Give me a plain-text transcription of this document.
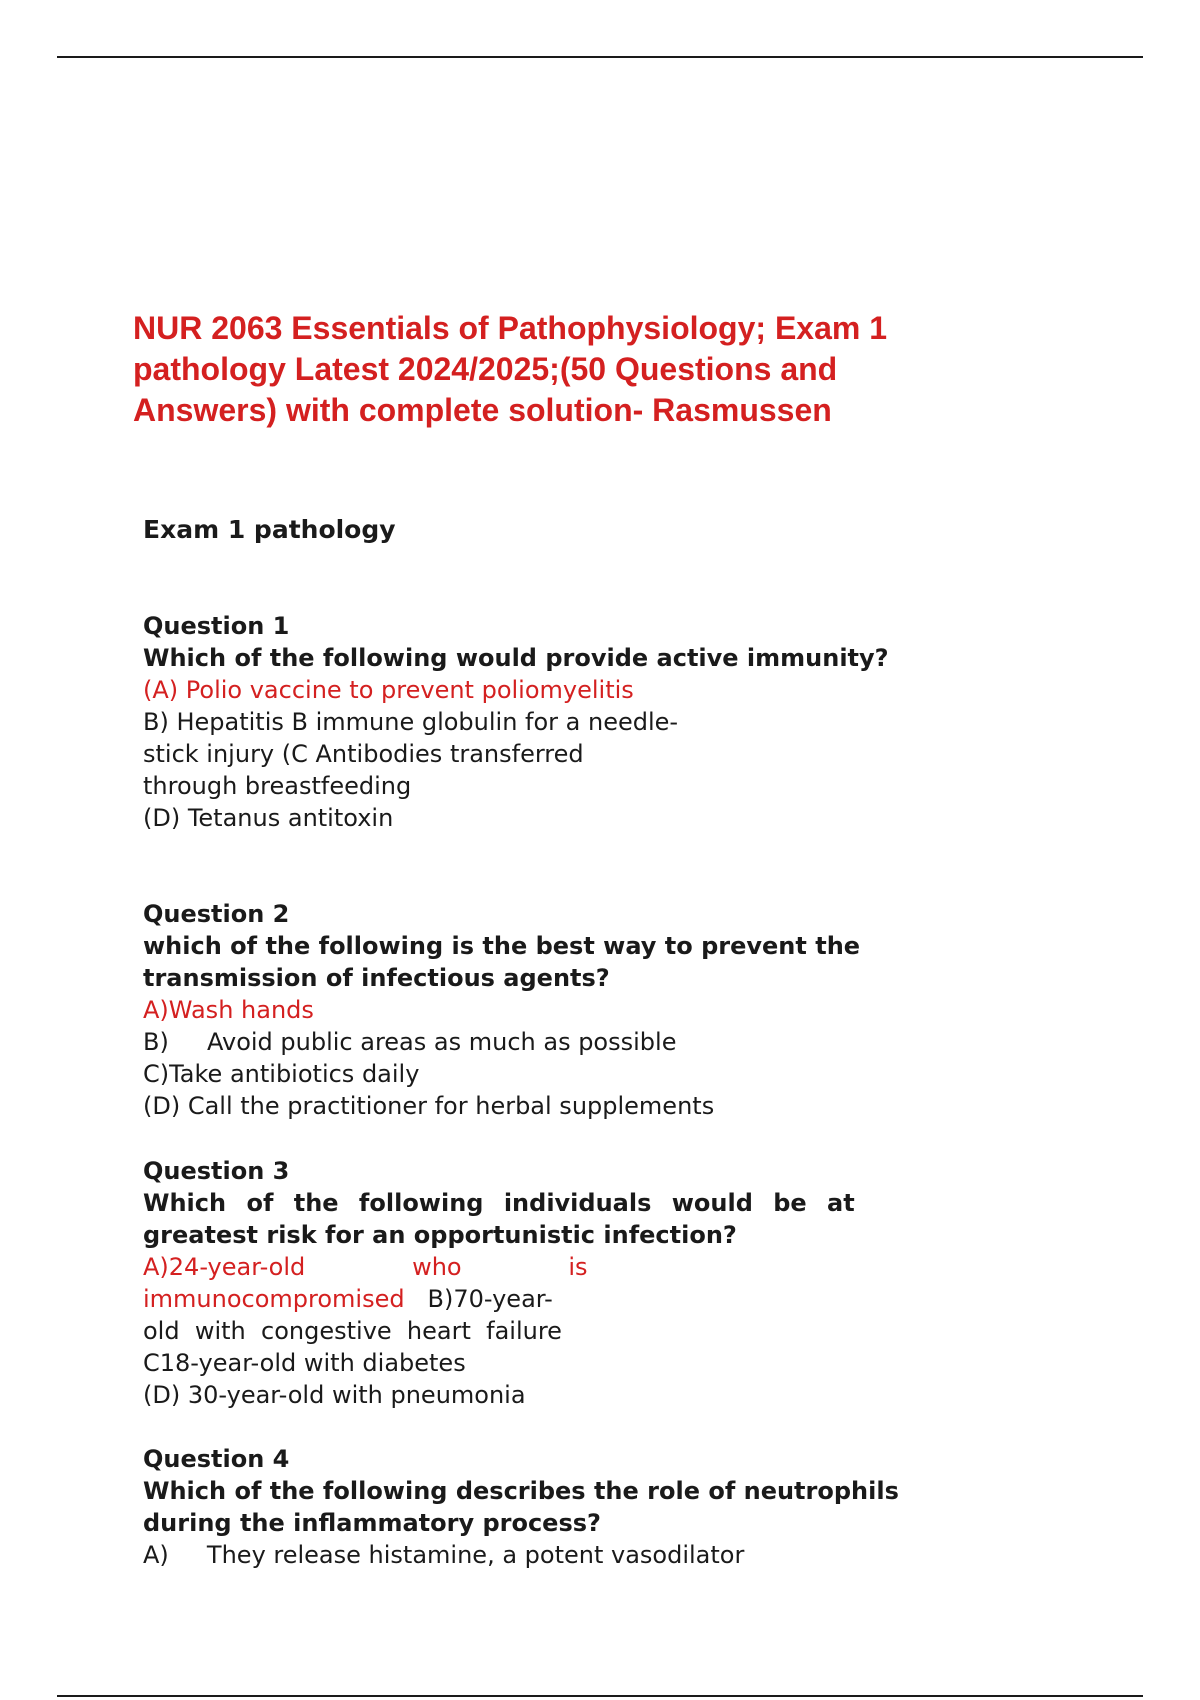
NUR 2063 Essentials of Pathophysiology; Exam 1
pathology Latest 2024/2025;(50 Questions and
Answers) with complete solution- Rasmussen
Exam 1 pathology
Question 1
Which of the following would provide active immunity?
(A) Polio vaccine to prevent poliomyelitis
B) Hepatitis B immune globulin for a needle-
stick injury (C Antibodies transferred
through breastfeeding
(D) Tetanus antitoxin
Question 2
which of the following is the best way to prevent the
transmission of infectious agents?
A)Wash hands
B)     Avoid public areas as much as possible
C)Take antibiotics daily
(D) Call the practitioner for herbal supplements
Question 3
Which of the following individuals would be at
greatest risk for an opportunistic infection?
A)24-year-old              who              is
immunocompromised   B)70-year-
old  with  congestive  heart  failure
C18-year-old with diabetes
(D) 30-year-old with pneumonia
Question 4
Which of the following describes the role of neutrophils
during the inflammatory process?
A)     They release histamine, a potent vasodilator
